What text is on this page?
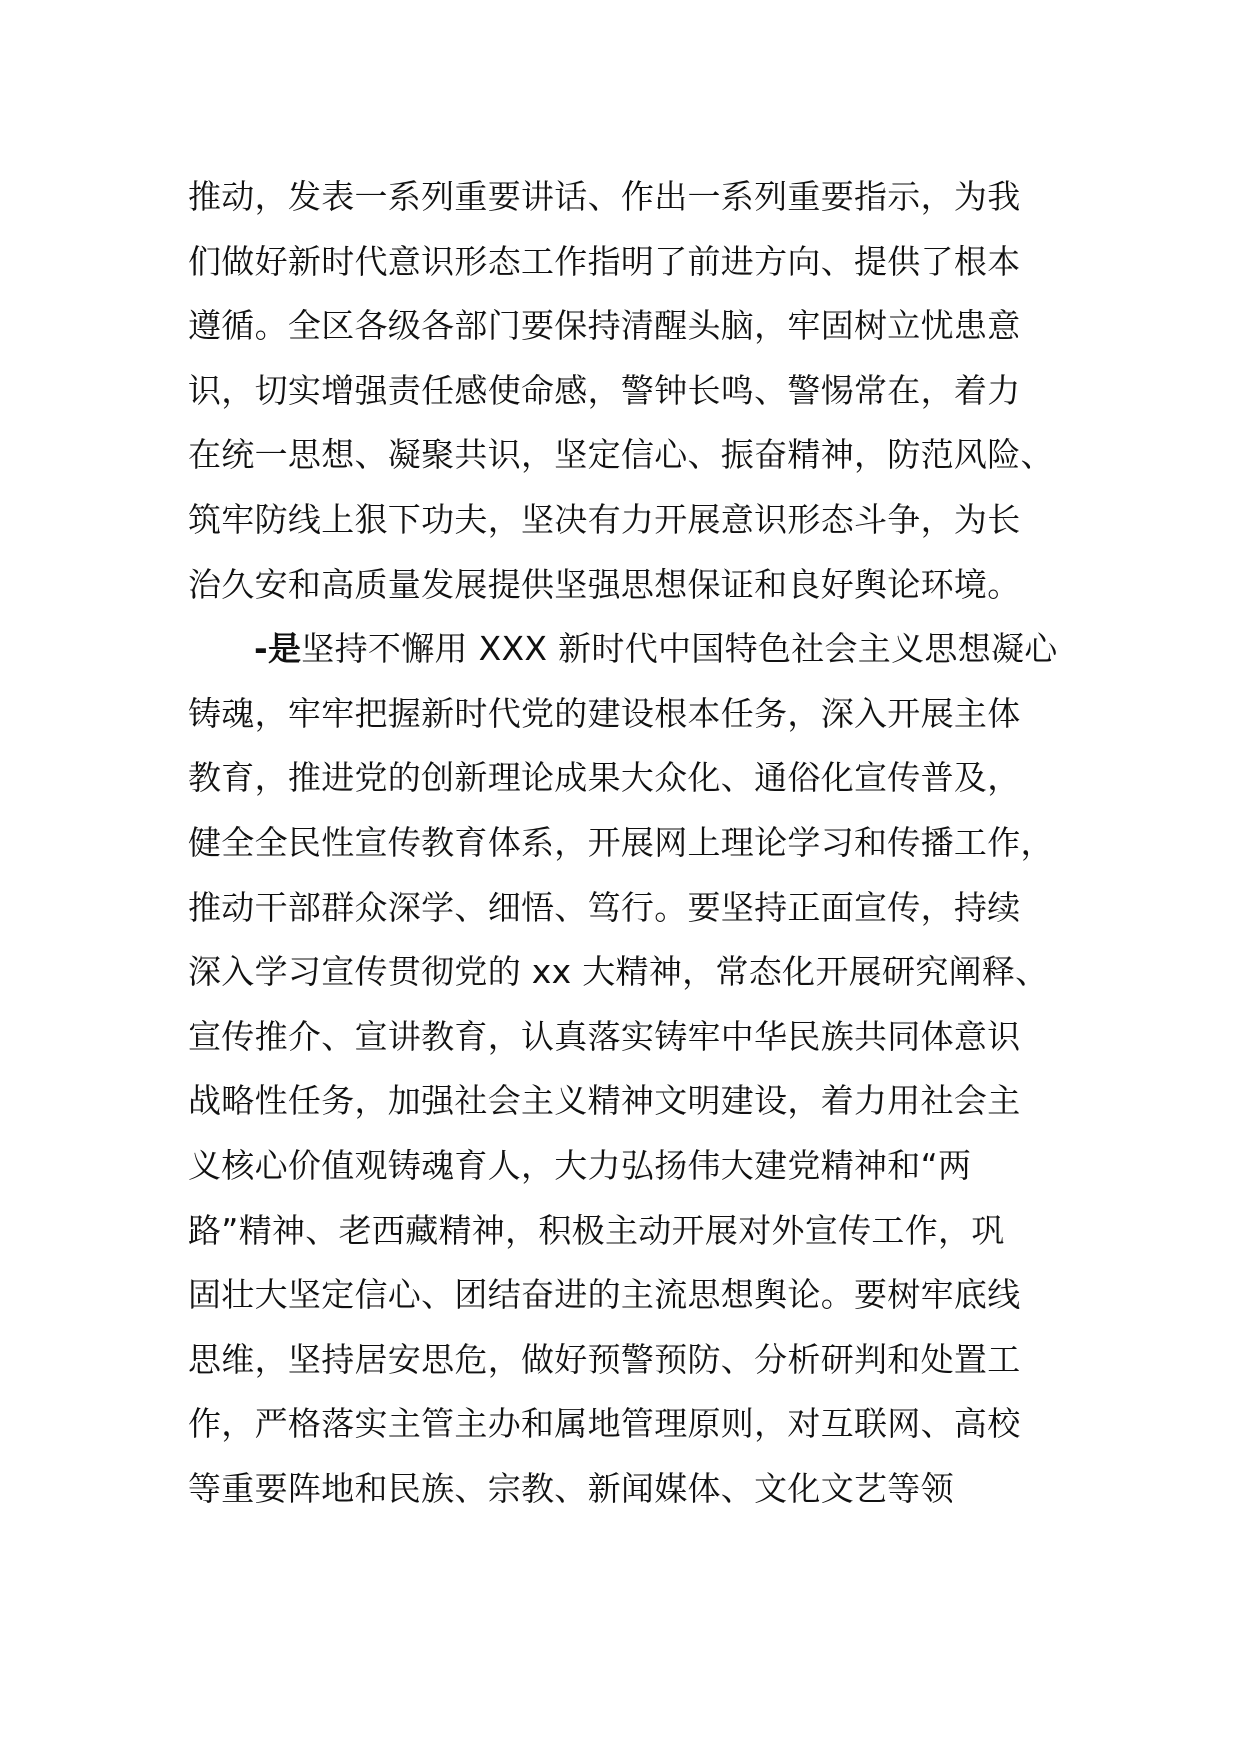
推动，发表一系列重要讲话、作出一系列重要指示，为我
们做好新时代意识形态工作指明了前进方向、提供了根本
遵循。全区各级各部门要保持清醒头脑，牢固树立忧患意
识，切实增强责任感使命感，警钟长鸣、警惕常在，着力
在统一思想、凝聚共识，坚定信心、振奋精神，防范风险、
筑牢防线上狠下功夫，坚决有力开展意识形态斗争，为长
治久安和高质量发展提供坚强思想保证和良好舆论环境。
-是坚持不懈用 XXX 新时代中国特色社会主义思想凝心
铸魂，牢牢把握新时代党的建设根本任务，深入开展主体
教育，推进党的创新理论成果大众化、通俗化宣传普及，
健全全民性宣传教育体系，开展网上理论学习和传播工作，
推动干部群众深学、细悟、笃行。要坚持正面宣传，持续
深入学习宣传贯彻党的 xx 大精神，常态化开展研究阐释、
宣传推介、宣讲教育，认真落实铸牢中华民族共同体意识
战略性任务，加强社会主义精神文明建设，着力用社会主
义核心价值观铸魂育人，大力弘扬伟大建党精神和“两
路”精神、老西藏精神，积极主动开展对外宣传工作，巩
固壮大坚定信心、团结奋进的主流思想舆论。要树牢底线
思维，坚持居安思危，做好预警预防、分析研判和处置工
作，严格落实主管主办和属地管理原则，对互联网、高校
等重要阵地和民族、宗教、新闻媒体、文化文艺等领
